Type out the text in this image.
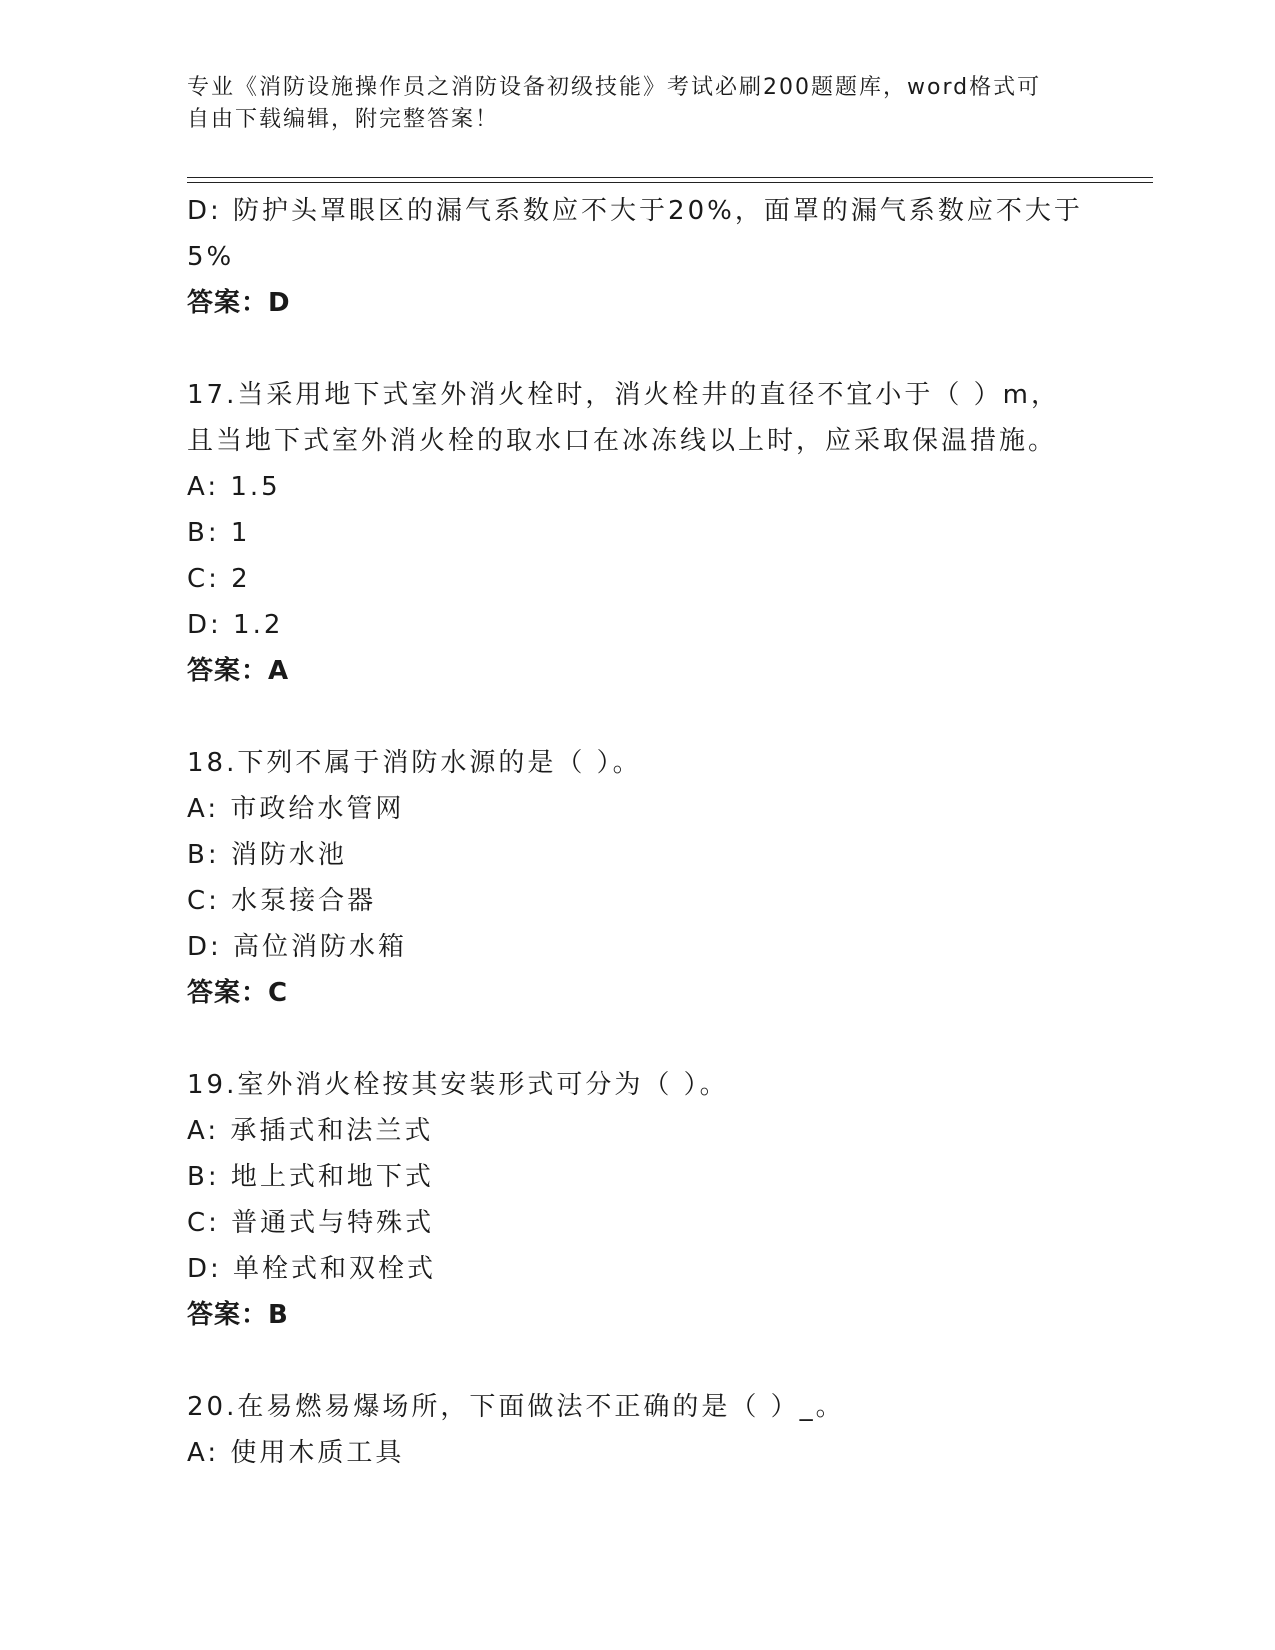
专业《消防设施操作员之消防设备初级技能》考试必刷200题题库，word格式可
自由下载编辑，附完整答案！
D: 防护头罩眼区的漏气系数应不大于20%，面罩的漏气系数应不大于
5%
答案：D
17.当采用地下式室外消火栓时，消火栓井的直径不宜小于（ ）m，
且当地下式室外消火栓的取水口在冰冻线以上时，应采取保温措施。
A: 1.5
B: 1
C: 2
D: 1.2
答案：A
18.下列不属于消防水源的是（ ）。
A: 市政给水管网
B: 消防水池
C: 水泵接合器
D: 高位消防水箱
答案：C
19.室外消火栓按其安装形式可分为（ ）。
A: 承插式和法兰式
B: 地上式和地下式
C: 普通式与特殊式
D: 单栓式和双栓式
答案：B
20.在易燃易爆场所，下面做法不正确的是（ ）_。
A: 使用木质工具
